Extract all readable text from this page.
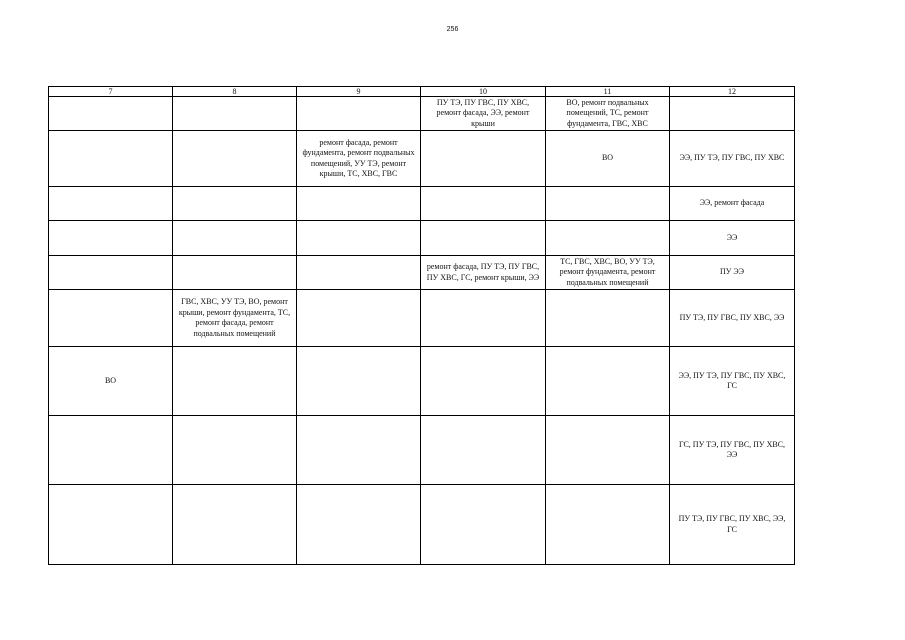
256
7	8	9	10	11	12
			ПУ ТЭ, ПУ ГВС, ПУ ХВС, ремонт фасада, ЭЭ, ремонт крыши	ВО, ремонт подвальных помещений, ТС, ремонт фундамента, ГВС, ХВС	
		ремонт фасада, ремонт фундамента, ремонт подвальных помещений, УУ ТЭ, ремонт крыши, ТС, ХВС, ГВС		ВО	ЭЭ, ПУ ТЭ, ПУ ГВС, ПУ ХВС
					ЭЭ, ремонт фасада
					ЭЭ
			ремонт фасада, ПУ ТЭ, ПУ ГВС, ПУ ХВС, ГС, ремонт крыши, ЭЭ	ТС, ГВС, ХВС, ВО, УУ ТЭ, ремонт фундамента, ремонт подвальных помещений	ПУ ЭЭ
	ГВС, ХВС, УУ ТЭ, ВО, ремонт крыши, ремонт фундамента, ТС, ремонт фасада, ремонт подвальных помещений				ПУ ТЭ, ПУ ГВС, ПУ ХВС, ЭЭ
ВО					ЭЭ, ПУ ТЭ, ПУ ГВС, ПУ ХВС, ГС
					ГС, ПУ ТЭ, ПУ ГВС, ПУ ХВС, ЭЭ
					ПУ ТЭ, ПУ ГВС, ПУ ХВС, ЭЭ, ГС
